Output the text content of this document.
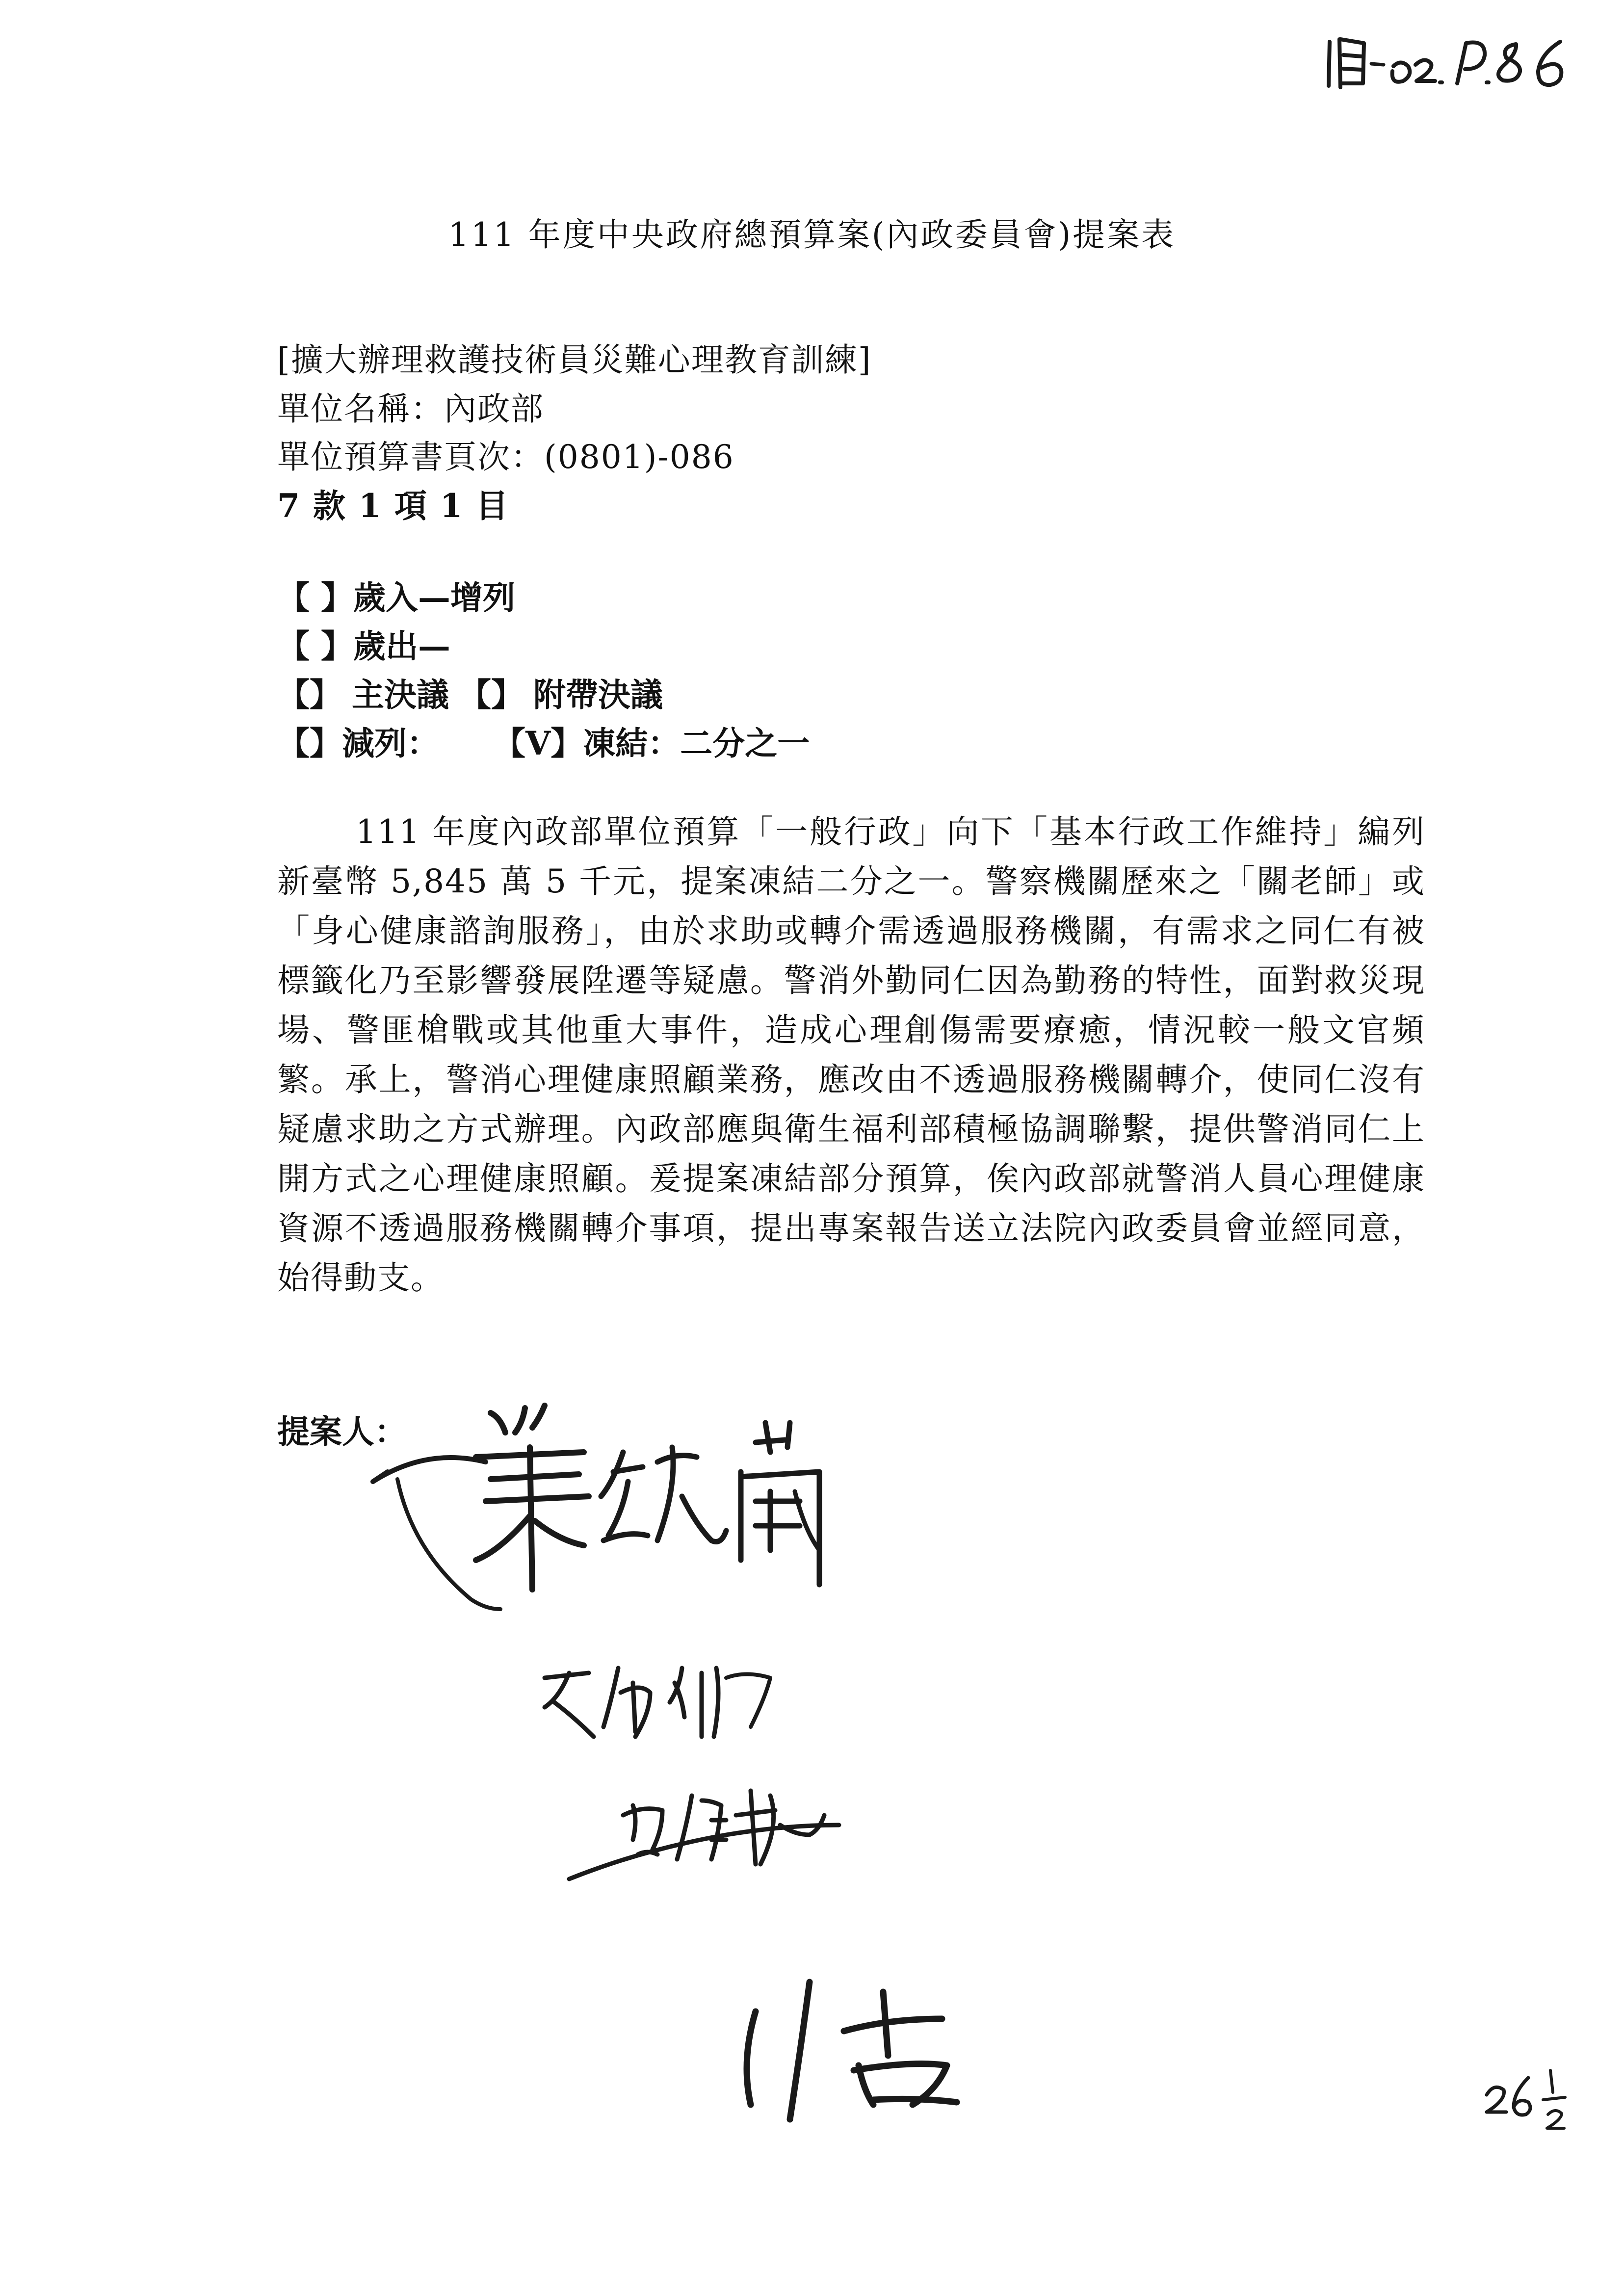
111 年度中央政府總預算案(內政委員會)提案表
[擴大辦理救護技術員災難心理教育訓練]
單位名稱：內政部
單位預算書頁次：(0801)-086
7 款 1 項 1 目
【 】 歲入—增列
【 】 歲出—
【】 主決議 【】 附帶決議
【】 減列： 【V】 凍結：二分之一
111 年度內政部單位預算「一般行政」向下「基本行政工作維持」編列新臺幣 5,845 萬 5 千元，提案凍結二分之一。警察機關歷來之「關老師」或「身心健康諮詢服務」，由於求助或轉介需透過服務機關，有需求之同仁有被標籤化乃至影響發展陞遷等疑慮。警消外勤同仁因為勤務的特性，面對救災現場、警匪槍戰或其他重大事件，造成心理創傷需要療癒，情況較一般文官頻繁。承上，警消心理健康照顧業務，應改由不透過服務機關轉介，使同仁沒有疑慮求助之方式辦理。內政部應與衛生福利部積極協調聯繫，提供警消同仁上開方式之心理健康照顧。爰提案凍結部分預算，俟內政部就警消人員心理健康資源不透過服務機關轉介事項，提出專案報告送立法院內政委員會並經同意，始得動支。
提案人：
